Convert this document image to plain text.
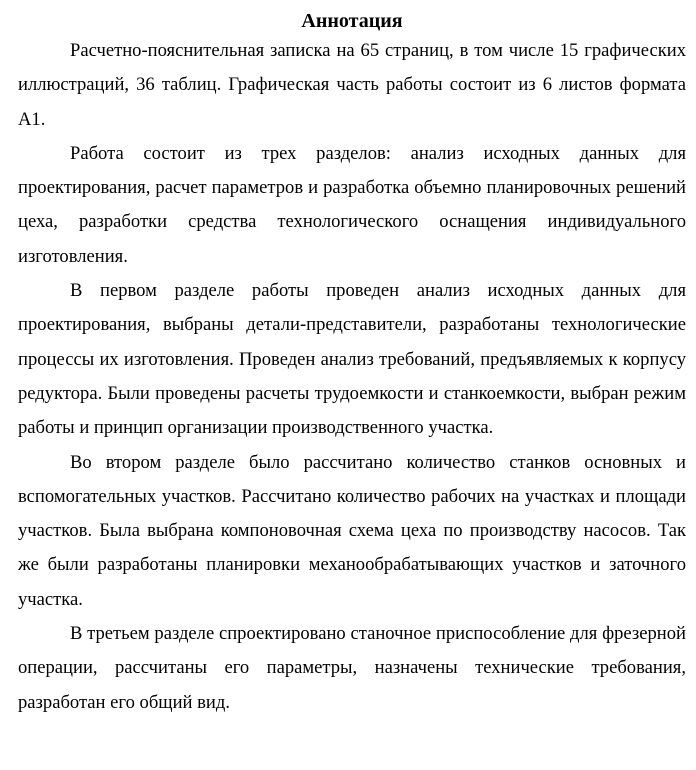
Аннотация

Расчетно-пояснительная записка на 65 страниц, в том числе 15 графических иллюстраций, 36 таблиц. Графическая часть работы состоит из 6 листов формата А1.

Работа состоит из трех разделов: анализ исходных данных для проектирования, расчет параметров и разработка объемно планировочных решений цеха, разработки средства технологического оснащения индивидуального изготовления.

В первом разделе работы проведен анализ исходных данных для проектирования, выбраны детали-представители, разработаны технологические процессы их изготовления. Проведен анализ требований, предъявляемых к корпусу редуктора. Были проведены расчеты трудоемкости и станкоемкости, выбран режим работы и принцип организации производственного участка.

Во втором разделе было рассчитано количество станков основных и вспомогательных участков. Рассчитано количество рабочих на участках и площади участков. Была выбрана компоновочная схема цеха по производству насосов. Так же были разработаны планировки механообрабатывающих участков и заточного участка.

В третьем разделе спроектировано станочное приспособление для фрезерной операции, рассчитаны его параметры, назначены технические требования, разработан его общий вид.
